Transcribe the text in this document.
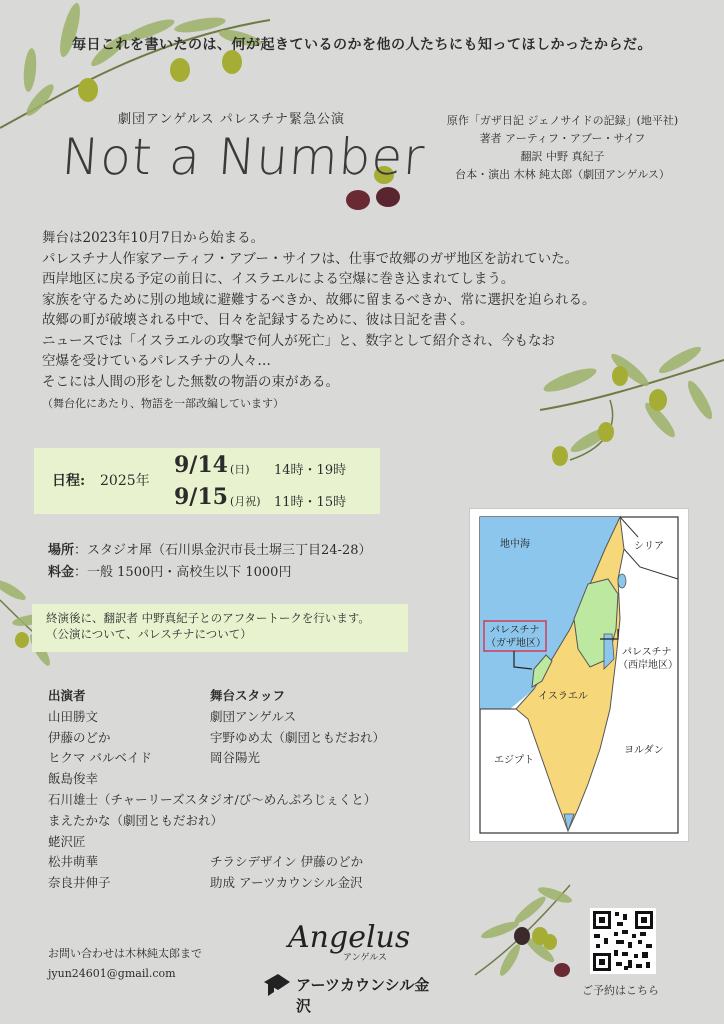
毎日これを書いたのは、何が起きているのかを他の人たちにも知ってほしかったからだ。
劇団アンゲルス パレスチナ緊急公演
Not a Number
原作「ガザ日記 ジェノサイドの記録」(地平社)
著者 アーティフ・アブー・サイフ
翻訳 中野 真紀子
台本・演出 木林 純太郎（劇団アンゲルス）
舞台は2023年10月7日から始まる。
パレスチナ人作家アーティフ・アブー・サイフは、仕事で故郷のガザ地区を訪れていた。
西岸地区に戻る予定の前日に、イスラエルによる空爆に巻き込まれてしまう。
家族を守るために別の地域に避難するべきか、故郷に留まるべきか、常に選択を迫られる。
故郷の町が破壊される中で、日々を記録するために、彼は日記を書く。
ニュースでは「イスラエルの攻撃で何人が死亡」と、数字として紹介され、今もなお
空爆を受けているパレスチナの人々…
そこには人間の形をした無数の物語の束がある。
（舞台化にあたり、物語を一部改編しています）
日程: 2025年
9/14 (日) 14時・19時
9/15 (月祝) 11時・15時
場所：スタジオ犀（石川県金沢市長土塀三丁目24-28）
料金：一般 1500円・高校生以下 1000円
終演後に、翻訳者 中野真紀子とのアフタートークを行います。
（公演について、パレスチナについて）
出演者
山田勝文
伊藤のどか
ヒクマ バルベイド
飯島俊幸
石川雄士（チャーリーズスタジオ/び〜めんぷろじぇくと）
まえたかな（劇団ともだおれ）
蛯沢匠
松井萌華
奈良井伸子
舞台スタッフ
劇団アンゲルス
宇野ゆめ太（劇団ともだおれ）
岡谷陽光
チラシデザイン 伊藤のどか
助成 アーツカウンシル金沢
お問い合わせは木林純太郎まで
jyun24601@gmail.com
地中海	シリア
パレスチナ
（ガザ地区）
パレスチナ
（西岸地区）
イスラエル
エジプト
ヨルダン
Angelus
アンゲルス
アーツカウンシル金沢
ご予約はこちら
